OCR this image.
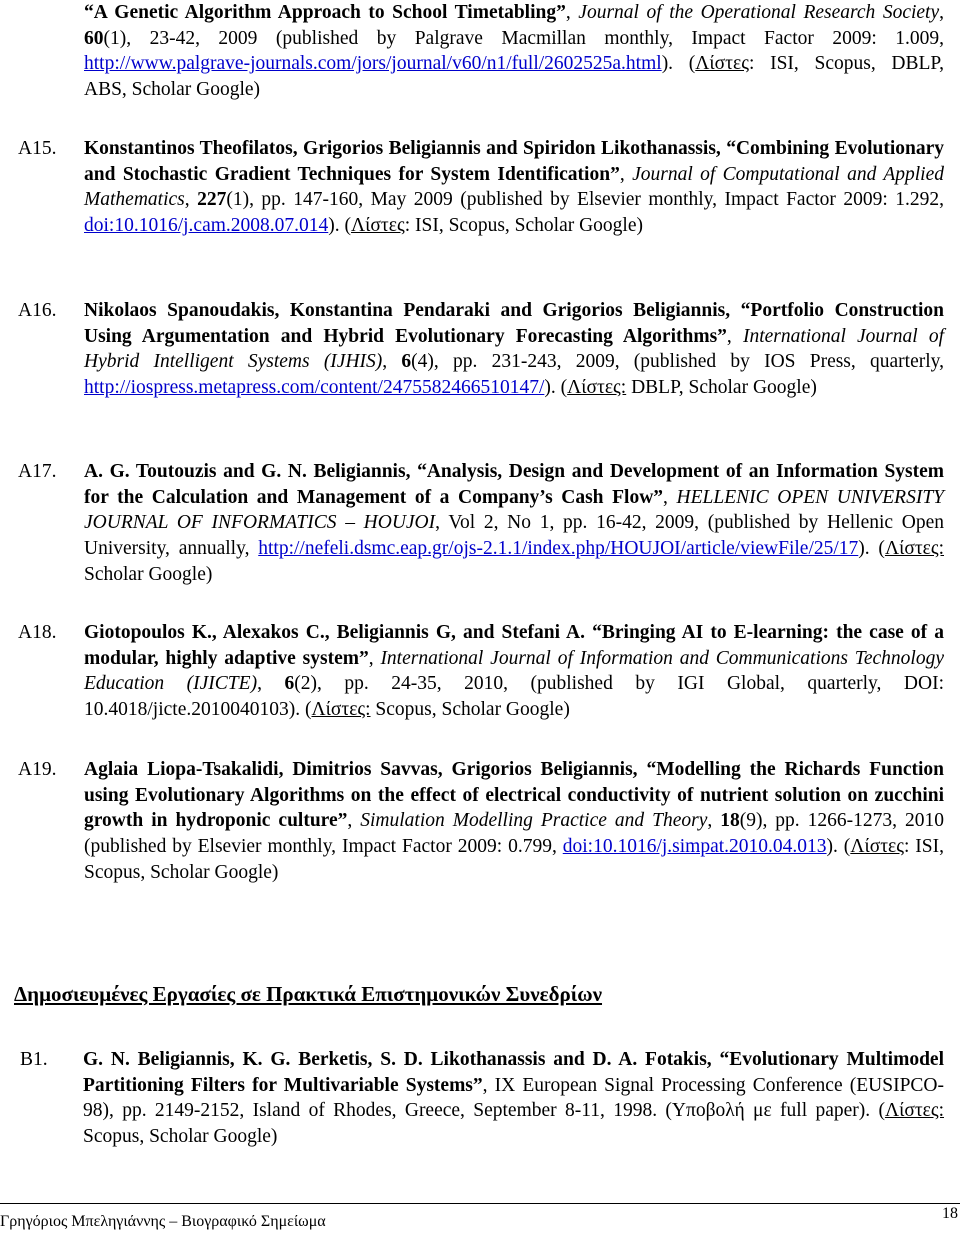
“A Genetic Algorithm Approach to School Timetabling”, Journal of the Operational Research Society, 60(1), 23-42, 2009 (published by Palgrave Macmillan monthly, Impact Factor 2009: 1.009, http://www.palgrave-journals.com/jors/journal/v60/n1/full/2602525a.html). (Λίστες: ISI, Scopus, DBLP, ABS, Scholar Google)
A15. Konstantinos Theofilatos, Grigorios Beligiannis and Spiridon Likothanassis, “Combining Evolutionary and Stochastic Gradient Techniques for System Identification”, Journal of Computational and Applied Mathematics, 227(1), pp. 147-160, May 2009 (published by Elsevier monthly, Impact Factor 2009: 1.292, doi:10.1016/j.cam.2008.07.014). (Λίστες: ISI, Scopus, Scholar Google)
A16. Nikolaos Spanoudakis, Konstantina Pendaraki and Grigorios Beligiannis, “Portfolio Construction Using Argumentation and Hybrid Evolutionary Forecasting Algorithms”, International Journal of Hybrid Intelligent Systems (IJHIS), 6(4), pp. 231-243, 2009, (published by IOS Press, quarterly, http://iospress.metapress.com/content/2475582466510147/). (Λίστες: DBLP, Scholar Google)
A17. A. G. Toutouzis and G. N. Beligiannis, “Analysis, Design and Development of an Information System for the Calculation and Management of a Company’s Cash Flow”, HELLENIC OPEN UNIVERSITY JOURNAL OF INFORMATICS – HOUJOI, Vol 2, No 1, pp. 16-42, 2009, (published by Hellenic Open University, annually, http://nefeli.dsmc.eap.gr/ojs-2.1.1/index.php/HOUJOI/article/viewFile/25/17). (Λίστες: Scholar Google)
A18. Giotopoulos K., Alexakos C., Beligiannis G, and Stefani A. “Bringing AI to E-learning: the case of a modular, highly adaptive system”, International Journal of Information and Communications Technology Education (IJICTE), 6(2), pp. 24-35, 2010, (published by IGI Global, quarterly, DOI: 10.4018/jicte.2010040103). (Λίστες: Scopus, Scholar Google)
A19. Aglaia Liopa-Tsakalidi, Dimitrios Savvas, Grigorios Beligiannis, “Modelling the Richards Function using Evolutionary Algorithms on the effect of electrical conductivity of nutrient solution on zucchini growth in hydroponic culture”, Simulation Modelling Practice and Theory, 18(9), pp. 1266-1273, 2010 (published by Elsevier monthly, Impact Factor 2009: 0.799, doi:10.1016/j.simpat.2010.04.013). (Λίστες: ISI, Scopus, Scholar Google)
Δημοσιευμένες Εργασίες σε Πρακτικά Επιστημονικών Συνεδρίων
B1. G. N. Beligiannis, K. G. Berketis, S. D. Likothanassis and D. A. Fotakis, “Evolutionary Multimodel Partitioning Filters for Multivariable Systems”, IX European Signal Processing Conference (EUSIPCO-98), pp. 2149-2152, Island of Rhodes, Greece, September 8-11, 1998. (Υποβολή με full paper). (Λίστες: Scopus, Scholar Google)
Γρηγόριος Μπεληγιάννης – Βιογραφικό Σημείωμα	18
